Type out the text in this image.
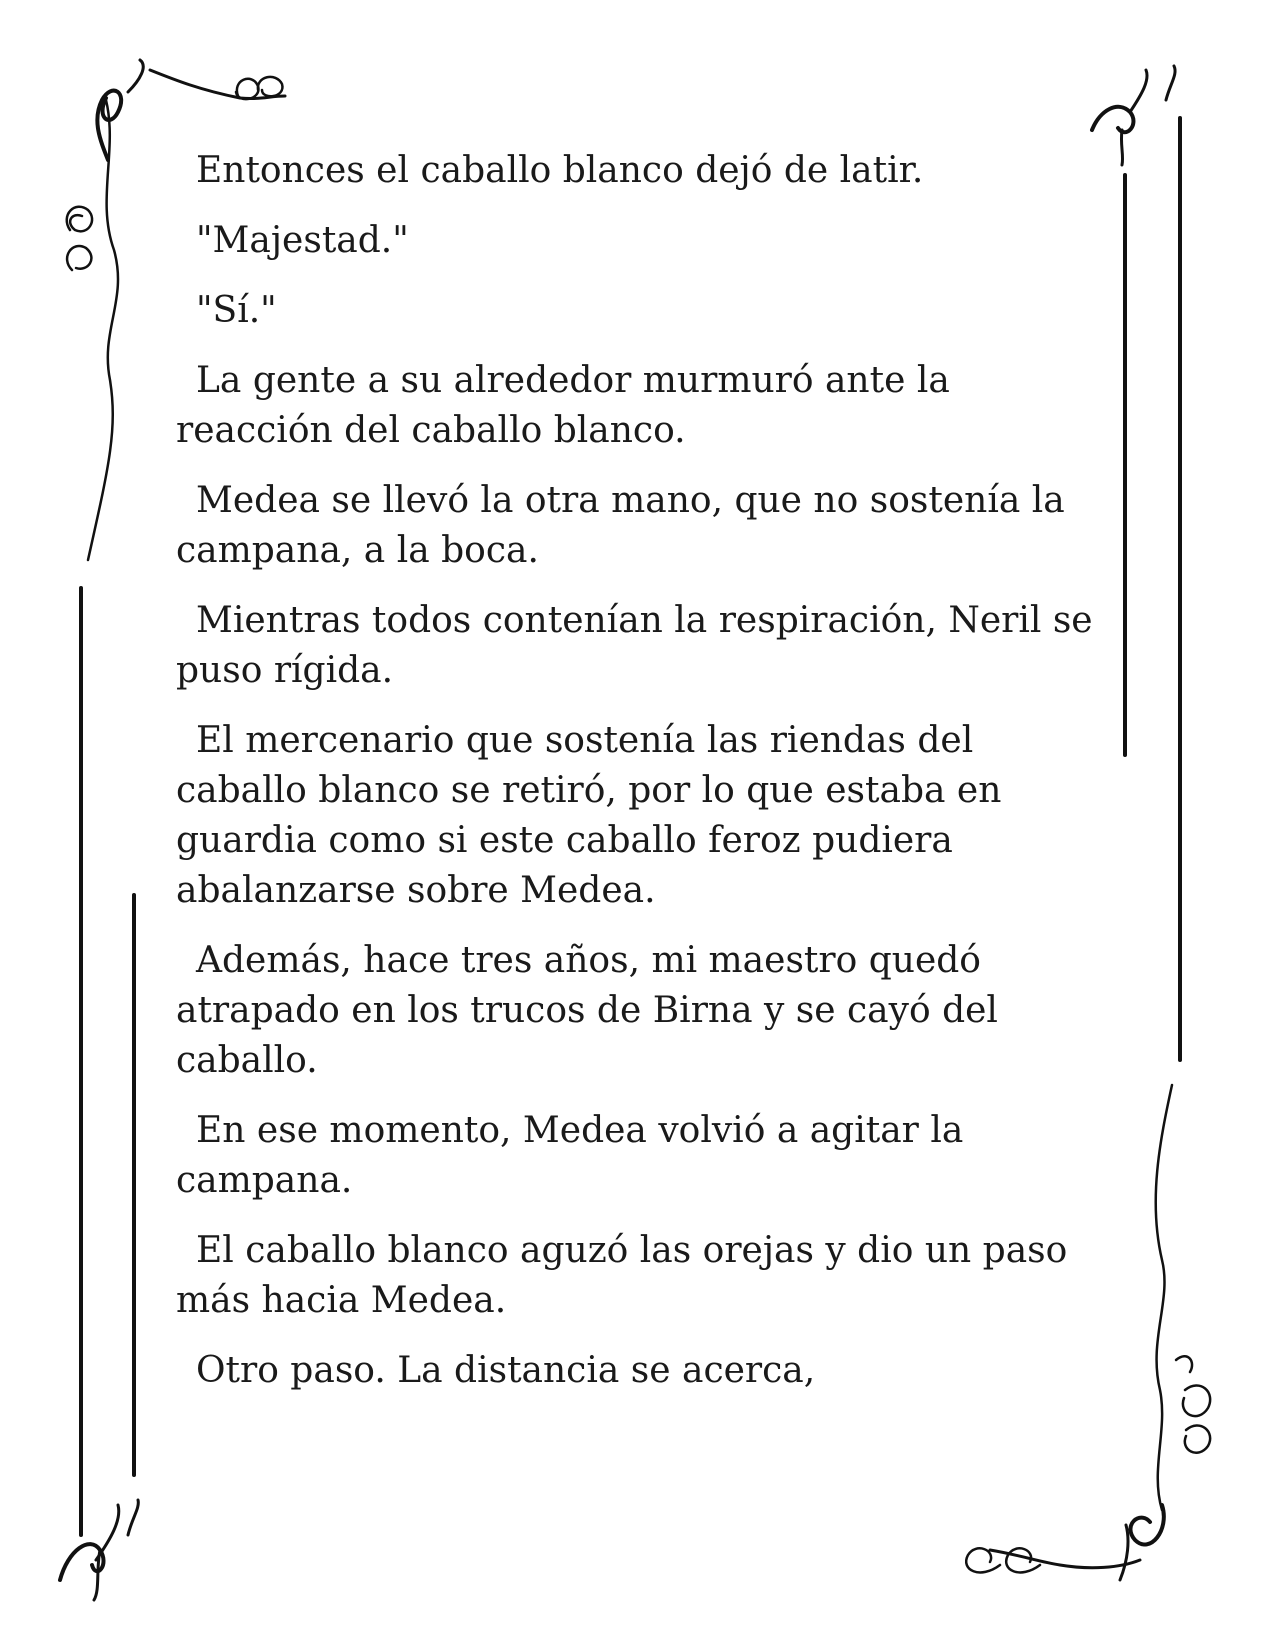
Entonces el caballo blanco dejó de latir.

"Majestad."

"Sí."

La gente a su alrededor murmuró ante la reacción del caballo blanco.

Medea se llevó la otra mano, que no sostenía la campana, a la boca.

Mientras todos contenían la respiración, Neril se puso rígida.

El mercenario que sostenía las riendas del caballo blanco se retiró, por lo que estaba en guardia como si este caballo feroz pudiera abalanzarse sobre Medea.

Además, hace tres años, mi maestro quedó atrapado en los trucos de Birna y se cayó del caballo.

En ese momento, Medea volvió a agitar la campana.

El caballo blanco aguzó las orejas y dio un paso más hacia Medea.

Otro paso. La distancia se acerca,
